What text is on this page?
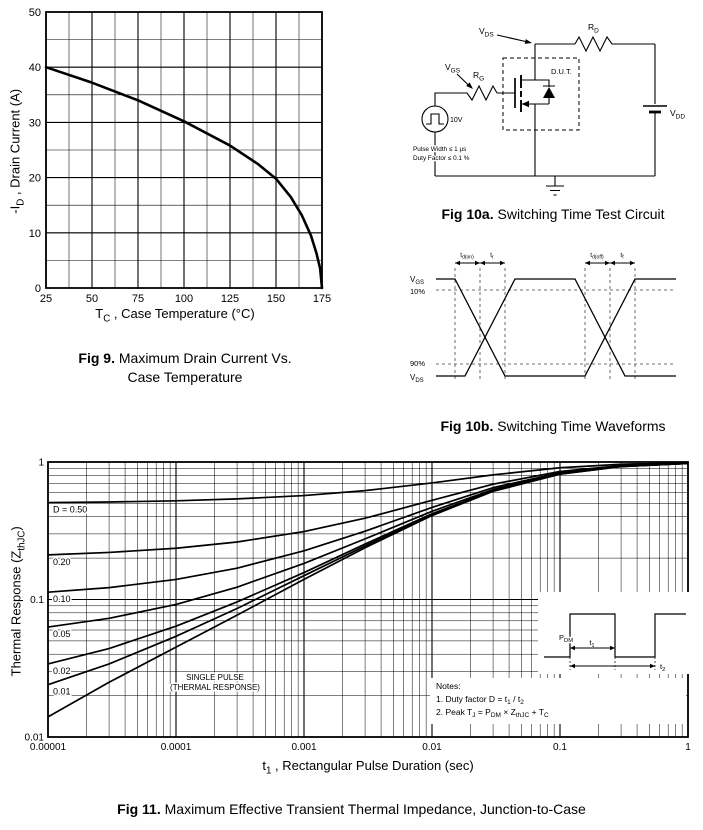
25	50	75	100	125	150	175
0
10
20
30
40
50
$T_C$ , Case Temperature (°C)
$-I_D$ , Drain Current (A)
Fig 9. Maximum Drain Current Vs.
Case Temperature
$V_{DS}$
$R_D$
$V_{GS}$ $R_G$
$V_{DD}$
D.U.T.
10V
Pulse Width ≤ 1 µs
Duty Factor ≤ 0.1 %
Fig 10a. Switching Time Test Circuit
$t_{d(on)}$	$t_r$	$t_{d(off)}$	$t_f$
$V_{GS}$
10%
90%
$V_{DS}$
Fig 10b. Switching Time Waveforms
0.00001	0.0001	0.001	0.01	0.1	1
0.01
0.1
1
D = 0.50
0.20
0.10
0.05
0.02
0.01
SINGLE PULSE
(THERMAL RESPONSE)	Notes:
1. Duty factor $D = t_1 / t_2$
2. Peak $T_J = P_{DM} \times Z_{thJC} + T_C$
$P_{DM}$ $t_1$
$t_2$
$t_1$ , Rectangular Pulse Duration (sec)
Thermal Response $(Z_{thJC})$
Fig 11. Maximum Effective Transient Thermal Impedance, Junction-to-Case
